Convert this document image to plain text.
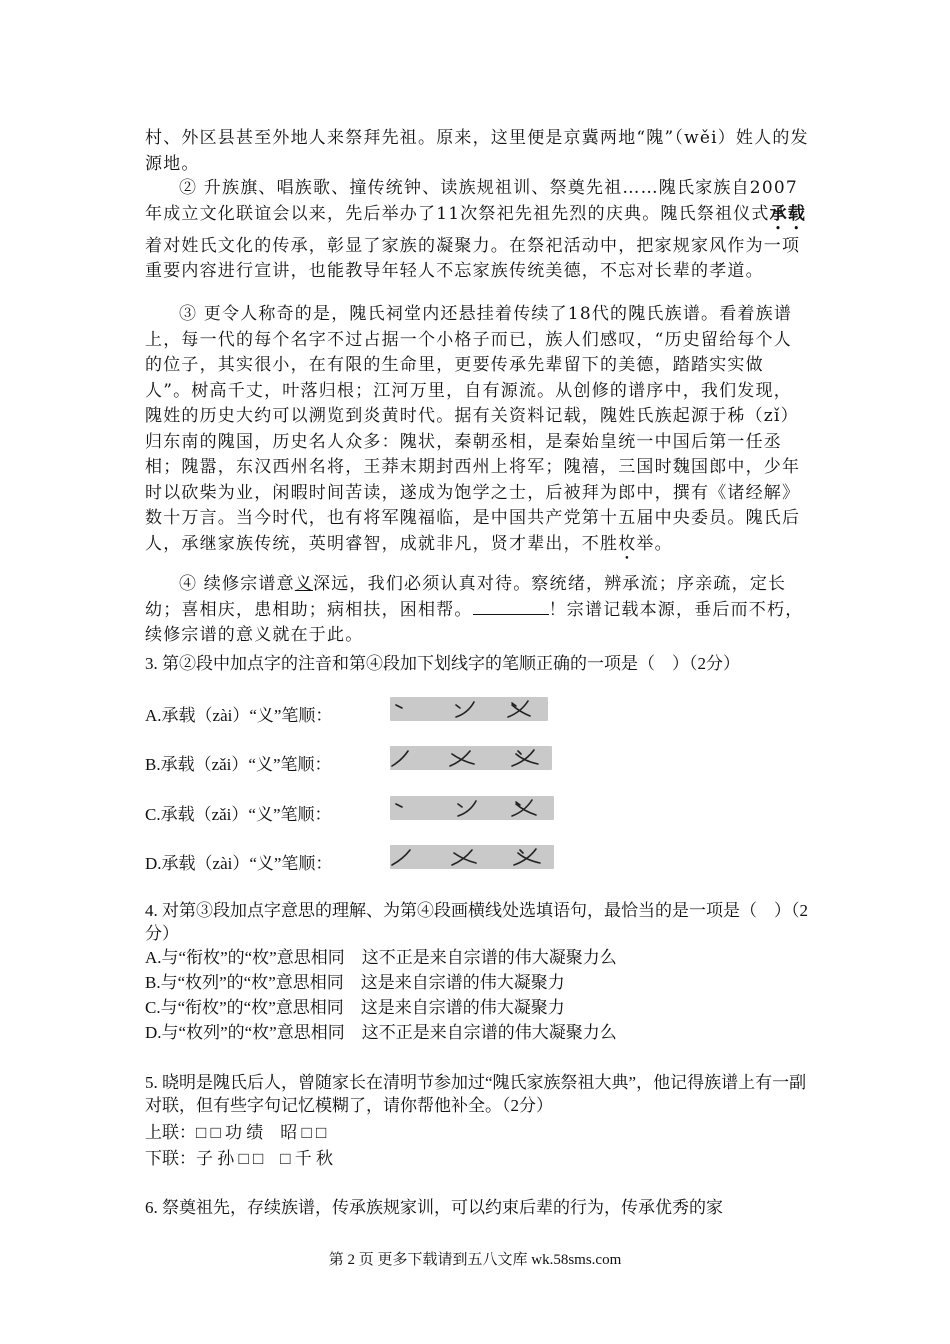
村、外区县甚至外地人来祭拜先祖。原来，这里便是京冀两地“隗”（wěi）姓人的发源地。

② 升族旗、唱族歌、撞传统钟、读族规祖训、祭奠先祖……隗氏家族自2007年成立文化联谊会以来，先后举办了11次祭祀先祖先烈的庆典。隗氏祭祖仪式承载着对姓氏文化的传承，彰显了家族的凝聚力。在祭祀活动中，把家规家风作为一项重要内容进行宣讲，也能教导年轻人不忘家族传统美德，不忘对长辈的孝道。

③ 更令人称奇的是，隗氏祠堂内还悬挂着传续了18代的隗氏族谱。看着族谱上，每一代的每个名字不过占据一个小格子而已，族人们感叹，“历史留给每个人的位子，其实很小，在有限的生命里，更要传承先辈留下的美德，踏踏实实做人”。树高千丈，叶落归根；江河万里，自有源流。从创修的谱序中，我们发现，隗姓的历史大约可以溯览到炎黄时代。据有关资料记载，隗姓氏族起源于秭（zǐ）归东南的隗国，历史名人众多：隗状，秦朝丞相，是秦始皇统一中国后第一任丞相；隗嚣，东汉西州名将，王莽末期封西州上将军；隗禧，三国时魏国郎中，少年时以砍柴为业，闲暇时间苦读，遂成为饱学之士，后被拜为郎中，撰有《诸经解》数十万言。当今时代，也有将军隗福临，是中国共产党第十五届中央委员。隗氏后人，承继家族传统，英明睿智，成就非凡，贤才辈出，不胜枚举。

④ 续修宗谱意义深远，我们必须认真对待。察统绪，辨承流；序亲疏，定长幼；喜相庆，患相助；病相扶，困相帮。	！宗谱记载本源，垂后而不朽，续修宗谱的意义就在于此。

3. 第②段中加点字的注音和第④段加下划线字的笔顺正确的一项是（　）（2分）

A.承载（zài）“义”笔顺：
B.承载（zǎi）“义”笔顺：
C.承载（zǎi）“义”笔顺：
D.承载（zài）“义”笔顺：

4. 对第③段加点字意思的理解、为第④段画横线处选填语句，最恰当的是一项是（　）（2分）

A.与“衔枚”的“枚”意思相同　这不正是来自宗谱的伟大凝聚力么
B.与“枚列”的“枚”意思相同　这是来自宗谱的伟大凝聚力
C.与“衔枚”的“枚”意思相同　这是来自宗谱的伟大凝聚力
D.与“枚列”的“枚”意思相同　这不正是来自宗谱的伟大凝聚力么

5. 晓明是隗氏后人，曾随家长在清明节参加过“隗氏家族祭祖大典”，他记得族谱上有一副对联，但有些字句记忆模糊了，请你帮他补全。（2分）

上联：□ □ 功 绩　昭 □ □
下联：子 孙 □ □　□ 千 秋
6. 祭奠祖先，存续族谱，传承族规家训，可以约束后辈的行为，传承优秀的家
第 2 页 更多下载请到五八文库 wk.58sms.com
